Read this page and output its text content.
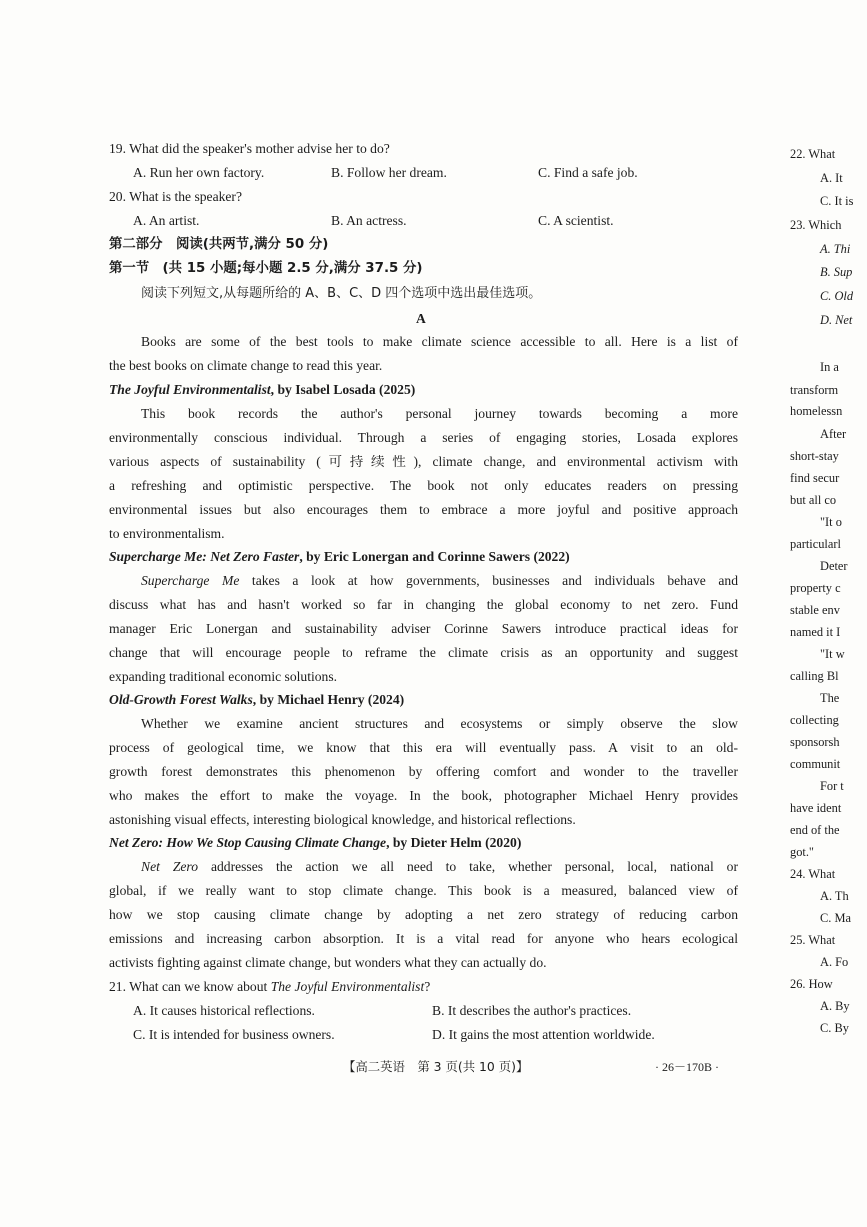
19. What did the speaker's mother advise her to do?
A. Run her own factory.	B. Follow her dream.	C. Find a safe job.
20. What is the speaker?
A. An artist.	B. An actress.	C. A scientist.
第二部分　阅读(共两节,满分 50 分)
第一节　(共 15 小题;每小题 2.5 分,满分 37.5 分)
阅读下列短文,从每题所给的 A、B、C、D 四个选项中选出最佳选项。
A
Books are some of the best tools to make climate science accessible to all. Here is a list of
the best books on climate change to read this year.
The Joyful Environmentalist, by Isabel Losada (2025)
This book records the author's personal journey towards becoming a more
environmentally conscious individual. Through a series of engaging stories, Losada explores
various aspects of sustainability (可持续性), climate change, and environmental activism with
a refreshing and optimistic perspective. The book not only educates readers on pressing
environmental issues but also encourages them to embrace a more joyful and positive approach
to environmentalism.
Supercharge Me: Net Zero Faster, by Eric Lonergan and Corinne Sawers (2022)
Supercharge Me takes a look at how governments, businesses and individuals behave and
discuss what has and hasn't worked so far in changing the global economy to net zero. Fund
manager Eric Lonergan and sustainability adviser Corinne Sawers introduce practical ideas for
change that will encourage people to reframe the climate crisis as an opportunity and suggest
expanding traditional economic solutions.
Old-Growth Forest Walks, by Michael Henry (2024)
Whether we examine ancient structures and ecosystems or simply observe the slow
process of geological time, we know that this era will eventually pass. A visit to an old-
growth forest demonstrates this phenomenon by offering comfort and wonder to the traveller
who makes the effort to make the voyage. In the book, photographer Michael Henry provides
astonishing visual effects, interesting biological knowledge, and historical reflections.
Net Zero: How We Stop Causing Climate Change, by Dieter Helm (2020)
Net Zero addresses the action we all need to take, whether personal, local, national or
global, if we really want to stop climate change. This book is a measured, balanced view of
how we stop causing climate change by adopting a net zero strategy of reducing carbon
emissions and increasing carbon absorption. It is a vital read for anyone who hears ecological
activists fighting against climate change, but wonders what they can actually do.
21. What can we know about The Joyful Environmentalist?
A. It causes historical reflections.	B. It describes the author's practices.
C. It is intended for business owners.	D. It gains the most attention worldwide.
【高二英语　第 3 页(共 10 页)】	· 26－170B ·
22. What
A. It
C. It is
23. Which
A. Thi
B. Sup
C. Old
D. Net
In a
transform
homelessn
After
short-stay
find secur
but all co
"It o
particularl
Deter
property c
stable env
named it I
"It w
calling Bl
The
collecting
sponsorsh
communit
For t
have ident
end of the
got."
24. What
A. Th
C. Ma
25. What
A. Fo
26. How
A. By
C. By
